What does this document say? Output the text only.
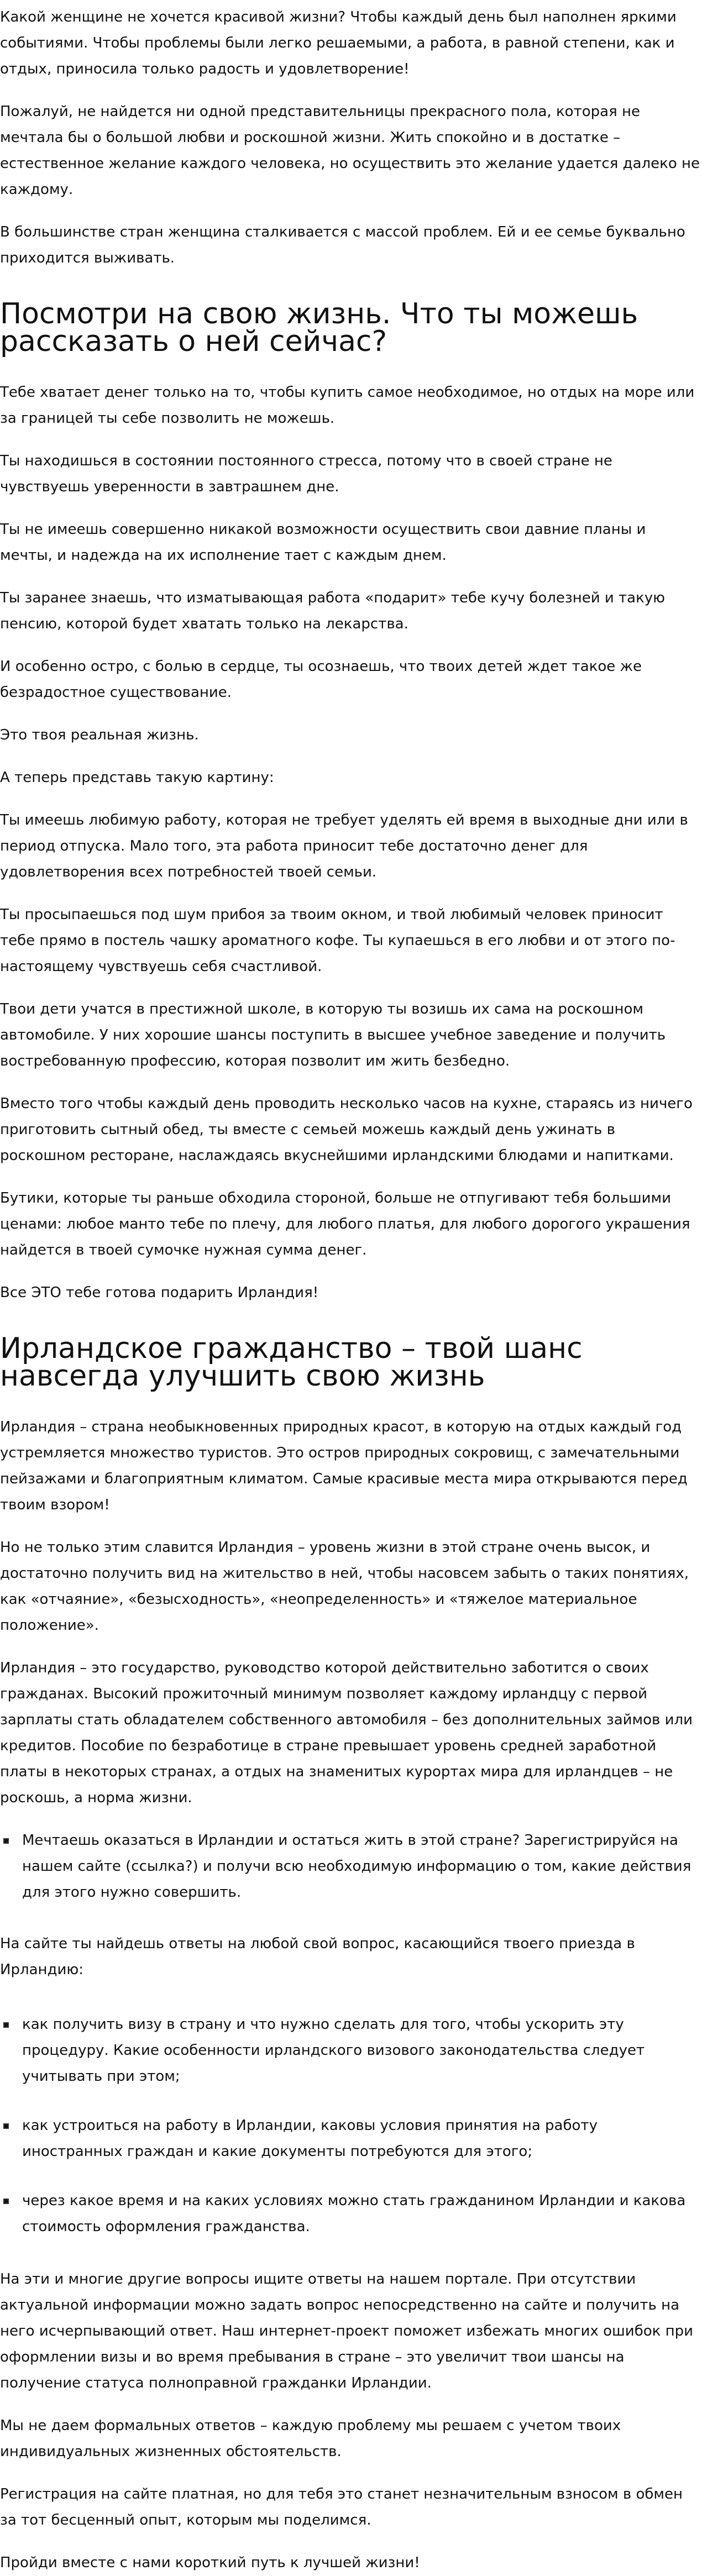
Какой женщине не хочется красивой жизни? Чтобы каждый день был наполнен яркими событиями. Чтобы проблемы были легко решаемыми, а работа, в равной степени, как и отдых, приносила только радость и удовлетворение!

Пожалуй, не найдется ни одной представительницы прекрасного пола, которая не мечтала бы о большой любви и роскошной жизни. Жить спокойно и в достатке – естественное желание каждого человека, но осуществить это желание удается далеко не каждому.

В большинстве стран женщина сталкивается с массой проблем. Ей и ее семье буквально приходится выживать.

Посмотри на свою жизнь. Что ты можешь рассказать о ней сейчас?

Тебе хватает денег только на то, чтобы купить самое необходимое, но отдых на море или за границей ты себе позволить не можешь.

Ты находишься в состоянии постоянного стресса, потому что в своей стране не чувствуешь уверенности в завтрашнем дне.

Ты не имеешь совершенно никакой возможности осуществить свои давние планы и мечты, и надежда на их исполнение тает с каждым днем.

Ты заранее знаешь, что изматывающая работа «подарит» тебе кучу болезней и такую пенсию, которой будет хватать только на лекарства.

И особенно остро, с болью в сердце, ты осознаешь, что твоих детей ждет такое же безрадостное существование.

Это твоя реальная жизнь.

А теперь представь такую картину:

Ты имеешь любимую работу, которая не требует уделять ей время в выходные дни или в период отпуска. Мало того, эта работа приносит тебе достаточно денег для удовлетворения всех потребностей твоей семьи.

Ты просыпаешься под шум прибоя за твоим окном, и твой любимый человек приносит тебе прямо в постель чашку ароматного кофе. Ты купаешься в его любви и от этого по-настоящему чувствуешь себя счастливой.

Твои дети учатся в престижной школе, в которую ты возишь их сама на роскошном автомобиле. У них хорошие шансы поступить в высшее учебное заведение и получить востребованную профессию, которая позволит им жить безбедно.

Вместо того чтобы каждый день проводить несколько часов на кухне, стараясь из ничего приготовить сытный обед, ты вместе с семьей можешь каждый день ужинать в роскошном ресторане, наслаждаясь вкуснейшими ирландскими блюдами и напитками.

Бутики, которые ты раньше обходила стороной, больше не отпугивают тебя большими ценами: любое манто тебе по плечу, для любого платья, для любого дорогого украшения найдется в твоей сумочке нужная сумма денег.

Все ЭТО тебе готова подарить Ирландия!

Ирландское гражданство – твой шанс навсегда улучшить свою жизнь

Ирландия – страна необыкновенных природных красот, в которую на отдых каждый год устремляется множество туристов. Это остров природных сокровищ, с замечательными пейзажами и благоприятным климатом. Самые красивые места мира открываются перед твоим взором!

Но не только этим славится Ирландия – уровень жизни в этой стране очень высок, и достаточно получить вид на жительство в ней, чтобы насовсем забыть о таких понятиях, как «отчаяние», «безысходность», «неопределенность» и «тяжелое материальное положение».

Ирландия – это государство, руководство которой действительно заботится о своих гражданах. Высокий прожиточный минимум позволяет каждому ирландцу с первой зарплаты стать обладателем собственного автомобиля – без дополнительных займов или кредитов. Пособие по безработице в стране превышает уровень средней заработной платы в некоторых странах, а отдых на знаменитых курортах мира для ирландцев – не роскошь, а норма жизни.

Мечтаешь оказаться в Ирландии и остаться жить в этой стране? Зарегистрируйся на нашем сайте (ссылка?) и получи всю необходимую информацию о том, какие действия для этого нужно совершить.

На сайте ты найдешь ответы на любой свой вопрос, касающийся твоего приезда в Ирландию:

как получить визу в страну и что нужно сделать для того, чтобы ускорить эту процедуру. Какие особенности ирландского визового законодательства следует учитывать при этом;
как устроиться на работу в Ирландии, каковы условия принятия на работу иностранных граждан и какие документы потребуются для этого;
через какое время и на каких условиях можно стать гражданином Ирландии и какова стоимость оформления гражданства.

На эти и многие другие вопросы ищите ответы на нашем портале. При отсутствии актуальной информации можно задать вопрос непосредственно на сайте и получить на него исчерпывающий ответ. Наш интернет-проект поможет избежать многих ошибок при оформлении визы и во время пребывания в стране – это увеличит твои шансы на получение статуса полноправной гражданки Ирландии.

Мы не даем формальных ответов – каждую проблему мы решаем с учетом твоих индивидуальных жизненных обстоятельств.

Регистрация на сайте платная, но для тебя это станет незначительным взносом в обмен за тот бесценный опыт, которым мы поделимся.

Пройди вместе с нами короткий путь к лучшей жизни!
